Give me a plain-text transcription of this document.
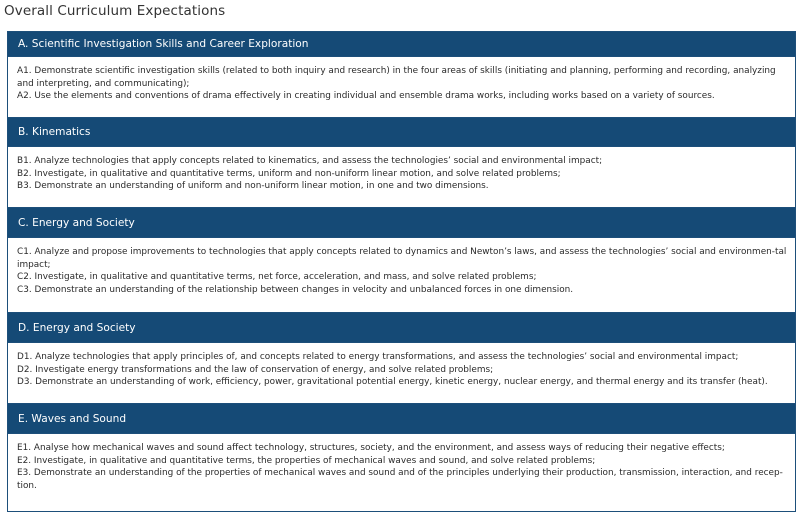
Overall Curriculum Expectations
A. Scientific Investigation Skills and Career Exploration

A1. Demonstrate scientific investigation skills (related to both inquiry and research) in the four areas of skills (initiating and planning, performing and recording, analyzing and interpreting, and communicating);

A2. Use the elements and conventions of drama effectively in creating individual and ensemble drama works, including works based on a variety of sources.

B. Kinematics

B1. Analyze technologies that apply concepts related to kinematics, and assess the technologies’ social and environmental impact;

B2. Investigate, in qualitative and quantitative terms, uniform and non-uniform linear motion, and solve related problems;

B3. Demonstrate an understanding of uniform and non-uniform linear motion, in one and two dimensions.

C. Energy and Society

C1. Analyze and propose improvements to technologies that apply concepts related to dynamics and Newton’s laws, and assess the technologies’ social and environmen-tal impact;

C2. Investigate, in qualitative and quantitative terms, net force, acceleration, and mass, and solve related problems;

C3. Demonstrate an understanding of the relationship between changes in velocity and unbalanced forces in one dimension.

D. Energy and Society

D1. Analyze technologies that apply principles of, and concepts related to energy transformations, and assess the technologies’ social and environmental impact;

D2. Investigate energy transformations and the law of conservation of energy, and solve related problems;

D3. Demonstrate an understanding of work, efficiency, power, gravitational potential energy, kinetic energy, nuclear energy, and thermal energy and its transfer (heat).

E. Waves and Sound

E1. Analyse how mechanical waves and sound affect technology, structures, society, and the environment, and assess ways of reducing their negative effects;

E2. Investigate, in qualitative and quantitative terms, the properties of mechanical waves and sound, and solve related problems;

E3. Demonstrate an understanding of the properties of mechanical waves and sound and of the principles underlying their production, transmission, interaction, and recep-tion.
